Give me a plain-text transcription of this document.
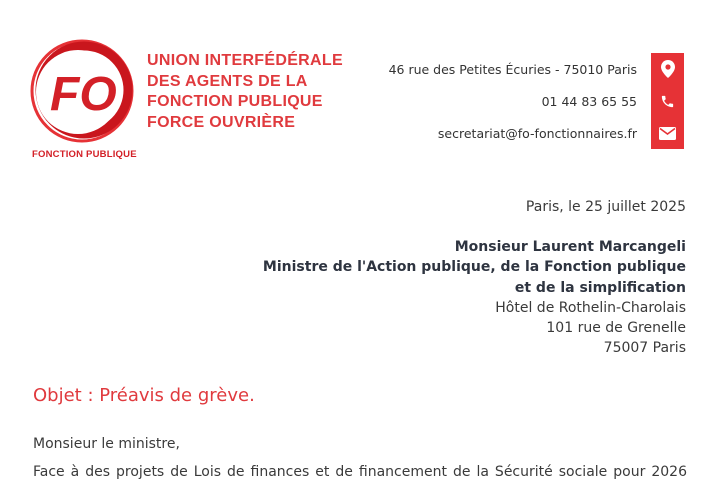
FO
FONCTION PUBLIQUE
UNION INTERFÉDÉRALE
DES AGENTS DE LA
FONCTION PUBLIQUE
FORCE OUVRIÈRE
46 rue des Petites Écuries - 75010 Paris
01 44 83 65 55
secretariat@fo-fonctionnaires.fr
Paris, le 25 juillet 2025
Monsieur Laurent Marcangeli
Ministre de l'Action publique, de la Fonction publique
et de la simplification
Hôtel de Rothelin-Charolais
101 rue de Grenelle
75007 Paris
Objet : Préavis de grève.
Monsieur le ministre,
Face à des projets de Lois de finances et de financement de la Sécurité sociale pour 2026
